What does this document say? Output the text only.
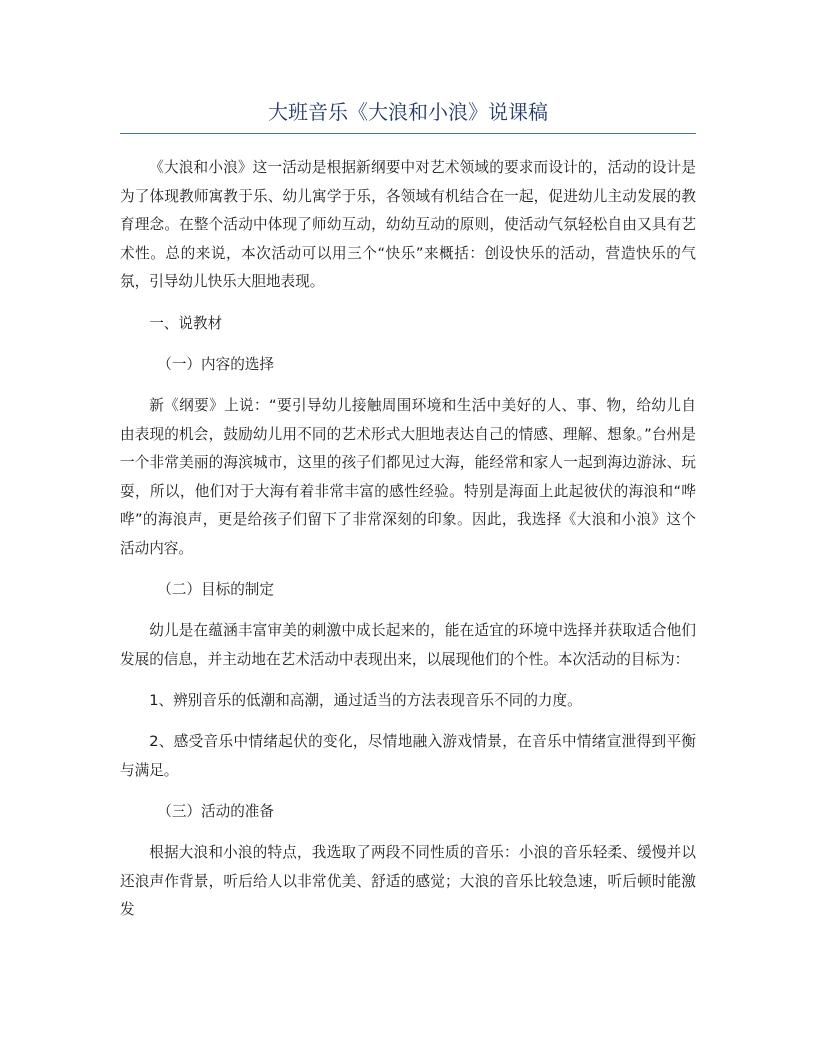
大班音乐《大浪和小浪》说课稿

《大浪和小浪》这一活动是根据新纲要中对艺术领域的要求而设计的，活动的设计是为了体现教师寓教于乐、幼儿寓学于乐，各领域有机结合在一起，促进幼儿主动发展的教育理念。在整个活动中体现了师幼互动，幼幼互动的原则，使活动气氛轻松自由又具有艺术性。总的来说，本次活动可以用三个“快乐”来概括：创设快乐的活动，营造快乐的气氛，引导幼儿快乐大胆地表现。

一、说教材

（一）内容的选择

新《纲要》上说：“要引导幼儿接触周围环境和生活中美好的人、事、物，给幼儿自由表现的机会，鼓励幼儿用不同的艺术形式大胆地表达自己的情感、理解、想象。”台州是一个非常美丽的海滨城市，这里的孩子们都见过大海，能经常和家人一起到海边游泳、玩耍，所以，他们对于大海有着非常丰富的感性经验。特别是海面上此起彼伏的海浪和“哗哗”的海浪声，更是给孩子们留下了非常深刻的印象。因此，我选择《大浪和小浪》这个活动内容。

（二）目标的制定

幼儿是在蕴涵丰富审美的刺激中成长起来的，能在适宜的环境中选择并获取适合他们发展的信息，并主动地在艺术活动中表现出来，以展现他们的个性。本次活动的目标为：

1、辨别音乐的低潮和高潮，通过适当的方法表现音乐不同的力度。

2、感受音乐中情绪起伏的变化，尽情地融入游戏情景，在音乐中情绪宣泄得到平衡与满足。

（三）活动的准备

根据大浪和小浪的特点，我选取了两段不同性质的音乐：小浪的音乐轻柔、缓慢并以还浪声作背景，听后给人以非常优美、舒适的感觉；大浪的音乐比较急速，听后顿时能激发
